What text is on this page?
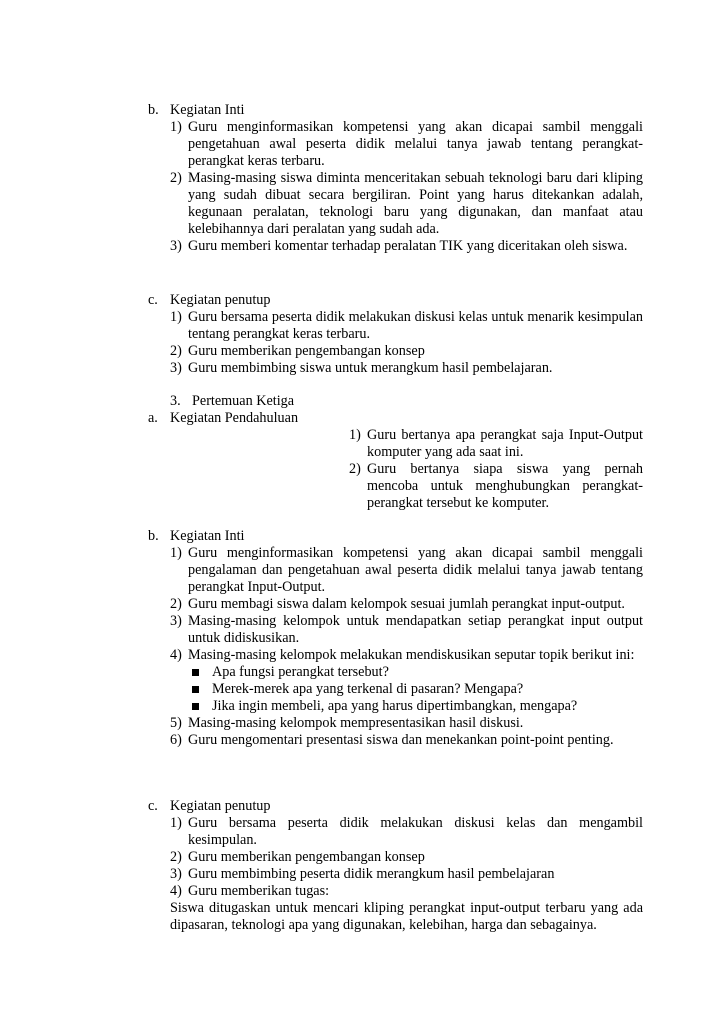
b. Kegiatan Inti
1) Guru menginformasikan kompetensi yang akan dicapai sambil menggali pengetahuan awal peserta didik melalui tanya jawab tentang perangkat-perangkat keras terbaru.
2) Masing-masing siswa diminta menceritakan sebuah teknologi baru dari kliping yang sudah dibuat secara bergiliran. Point yang harus ditekankan adalah, kegunaan peralatan, teknologi baru yang digunakan, dan manfaat atau kelebihannya dari peralatan yang sudah ada.
3) Guru memberi komentar terhadap peralatan TIK yang diceritakan oleh siswa.
c. Kegiatan penutup
1) Guru bersama peserta didik melakukan diskusi kelas untuk menarik kesimpulan tentang perangkat keras terbaru.
2) Guru memberikan pengembangan konsep
3) Guru membimbing siswa untuk merangkum hasil pembelajaran.
3. Pertemuan Ketiga
a. Kegiatan Pendahuluan
1) Guru bertanya apa perangkat saja Input-Output komputer yang ada saat ini.
2) Guru bertanya siapa siswa yang pernah mencoba untuk menghubungkan perangkat-perangkat tersebut ke komputer.
b. Kegiatan Inti
1) Guru menginformasikan kompetensi yang akan dicapai sambil menggali pengalaman dan pengetahuan awal peserta didik melalui tanya jawab tentang perangkat Input-Output.
2) Guru membagi siswa dalam kelompok sesuai jumlah perangkat input-output.
3) Masing-masing kelompok untuk mendapatkan setiap perangkat input output untuk didiskusikan.
4) Masing-masing kelompok melakukan mendiskusikan seputar topik berikut ini:
Apa fungsi perangkat tersebut?
Merek-merek apa yang terkenal di pasaran? Mengapa?
Jika ingin membeli, apa yang harus dipertimbangkan, mengapa?
5) Masing-masing kelompok mempresentasikan hasil diskusi.
6) Guru mengomentari presentasi siswa dan menekankan point-point penting.
c. Kegiatan penutup
1) Guru bersama peserta didik melakukan diskusi kelas dan mengambil kesimpulan.
2) Guru memberikan pengembangan konsep
3) Guru membimbing peserta didik merangkum hasil pembelajaran
4) Guru memberikan tugas:
Siswa ditugaskan untuk mencari kliping perangkat input-output terbaru yang ada dipasaran, teknologi apa yang digunakan, kelebihan, harga dan sebagainya.
